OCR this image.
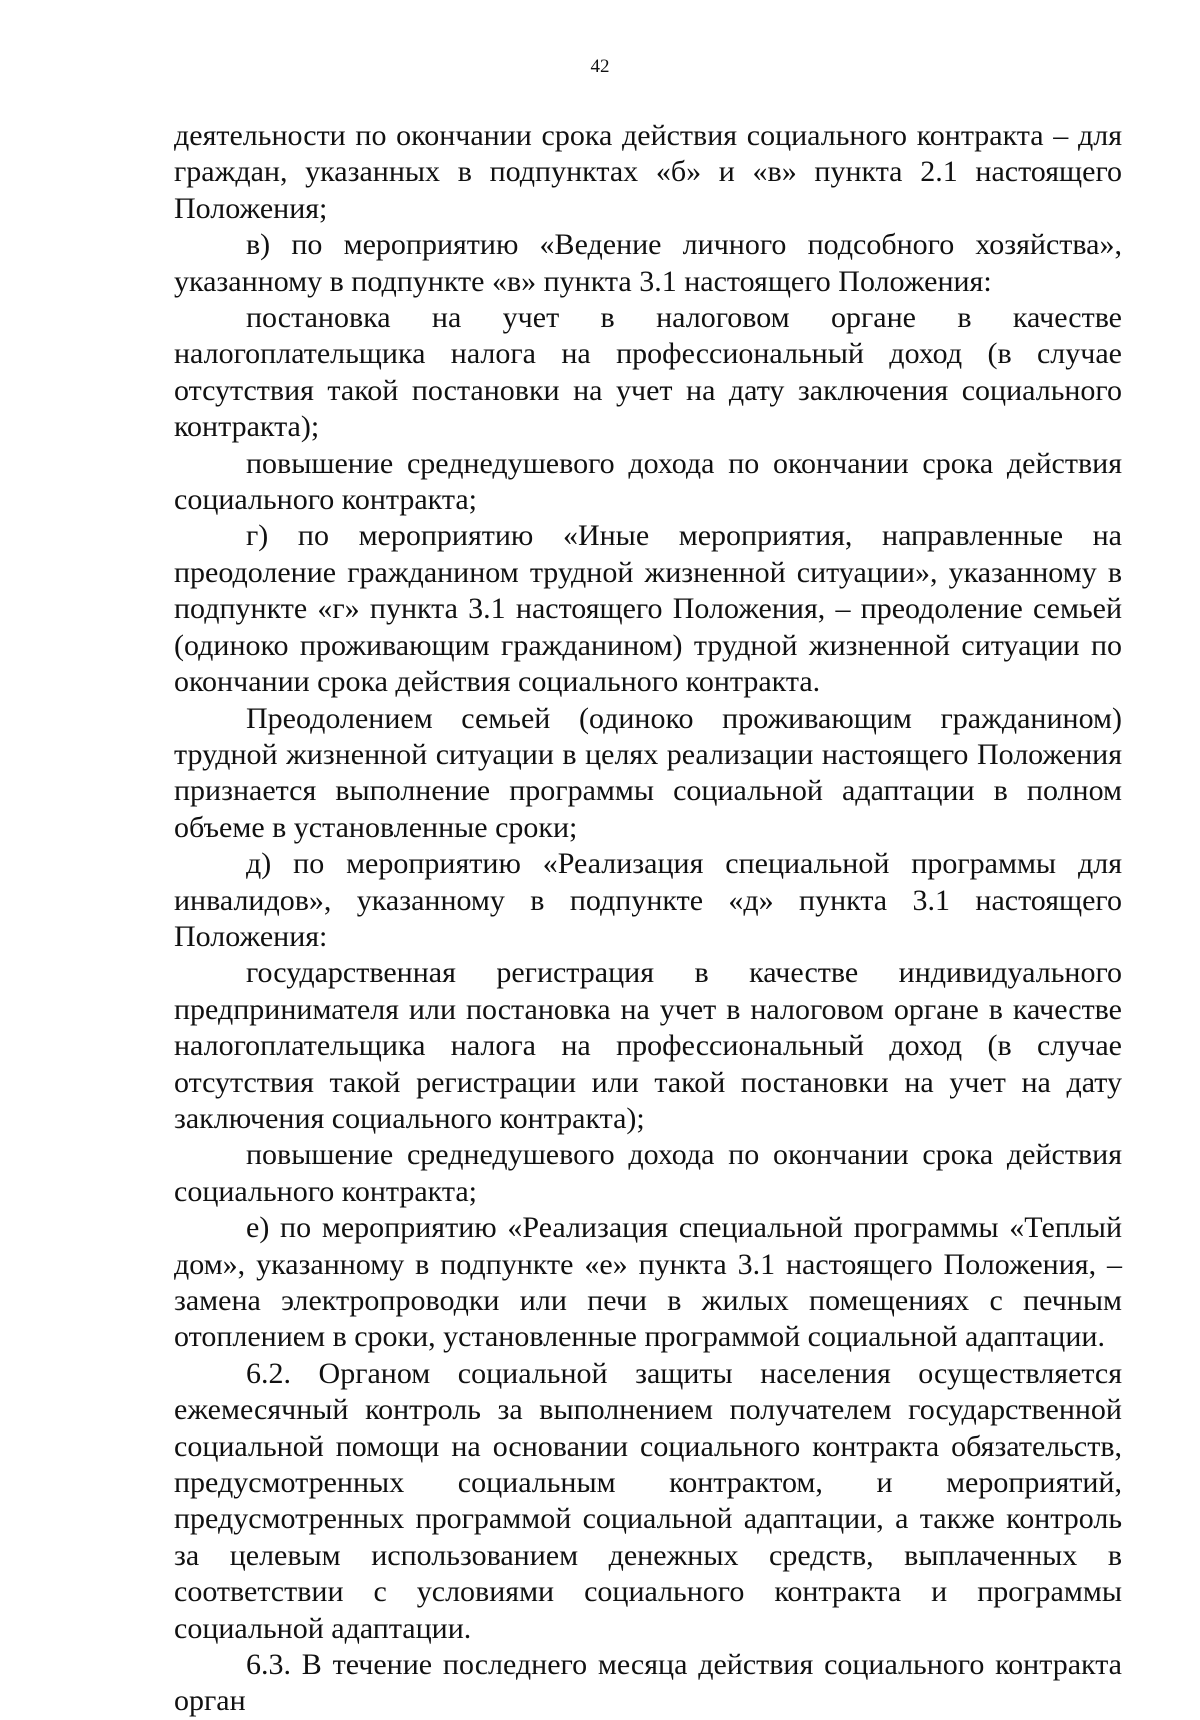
42

деятельности по окончании срока действия социального контракта – для граждан, указанных в подпунктах «б» и «в» пункта 2.1 настоящего Положения;

в) по мероприятию «Ведение личного подсобного хозяйства», указанному в подпункте «в» пункта 3.1 настоящего Положения:

постановка на учет в налоговом органе в качестве налогоплательщика налога на профессиональный доход (в случае отсутствия такой постановки на учет на дату заключения социального контракта);

повышение среднедушевого дохода по окончании срока действия социального контракта;

г) по мероприятию «Иные мероприятия, направленные на преодоление гражданином трудной жизненной ситуации», указанному в подпункте «г» пункта 3.1 настоящего Положения, – преодоление семьей (одиноко проживающим гражданином) трудной жизненной ситуации по окончании срока действия социального контракта.

Преодолением семьей (одиноко проживающим гражданином) трудной жизненной ситуации в целях реализации настоящего Положения признается выполнение программы социальной адаптации в полном объеме в установленные сроки;

д) по мероприятию «Реализация специальной программы для инвалидов», указанному в подпункте «д» пункта 3.1 настоящего Положения:

государственная регистрация в качестве индивидуального предпринимателя или постановка на учет в налоговом органе в качестве налогоплательщика налога на профессиональный доход (в случае отсутствия такой регистрации или такой постановки на учет на дату заключения социального контракта);

повышение среднедушевого дохода по окончании срока действия социального контракта;

е) по мероприятию «Реализация специальной программы «Теплый дом», указанному в подпункте «е» пункта 3.1 настоящего Положения, – замена электропроводки или печи в жилых помещениях с печным отоплением в сроки, установленные программой социальной адаптации.

6.2. Органом социальной защиты населения осуществляется ежемесячный контроль за выполнением получателем государственной социальной помощи на основании социального контракта обязательств, предусмотренных социальным контрактом, и мероприятий, предусмотренных программой социальной адаптации, а также контроль за целевым использованием денежных средств, выплаченных в соответствии с условиями социального контракта и программы социальной адаптации.

6.3. В течение последнего месяца действия социального контракта орган
